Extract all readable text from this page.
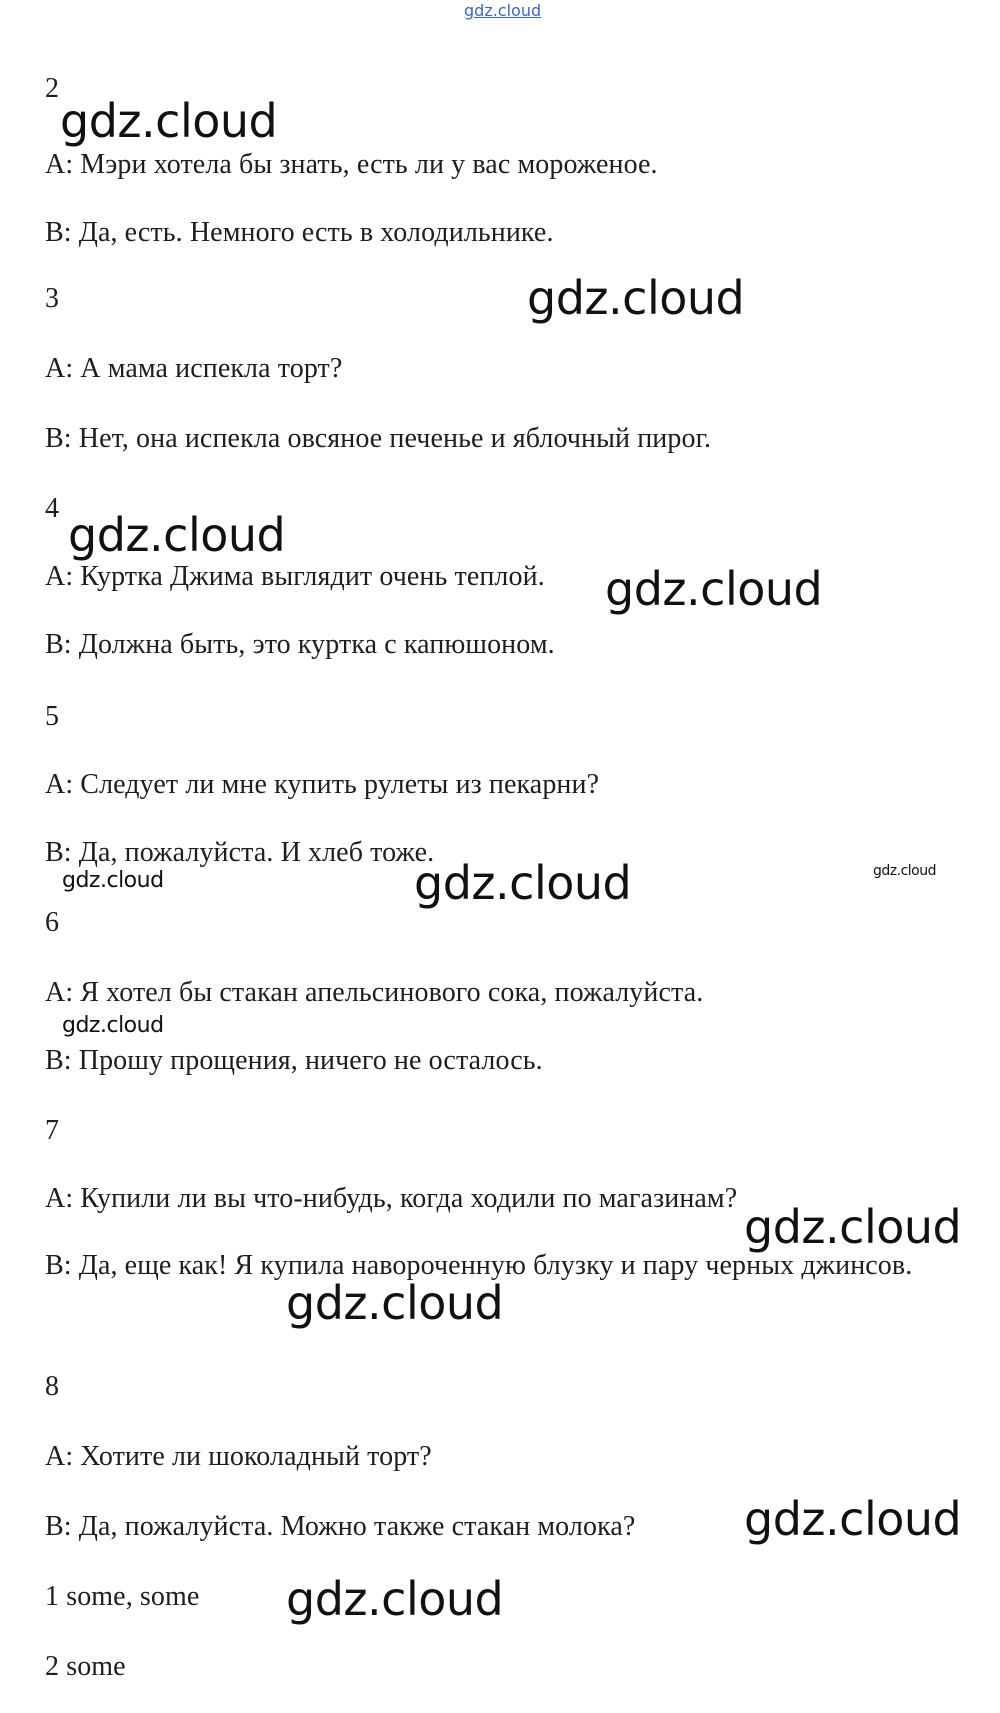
gdz.cloud
2
A: Мэри хотела бы знать, есть ли у вас мороженое.
B: Да, есть. Немного есть в холодильнике.
3
A: А мама испекла торт?
B: Нет, она испекла овсяное печенье и яблочный пирог.
4
A: Куртка Джима выглядит очень теплой.
B: Должна быть, это куртка с капюшоном.
5
A: Следует ли мне купить рулеты из пекарни?
B: Да, пожалуйста. И хлеб тоже.
6
A: Я хотел бы стакан апельсинового сока, пожалуйста.
B: Прошу прощения, ничего не осталось.
7
A: Купили ли вы что-нибудь, когда ходили по магазинам?
B: Да, еще как! Я купила навороченную блузку и пару черных джинсов.
8
A: Хотите ли шоколадный торт?
B: Да, пожалуйста. Можно также стакан молока?
1 some, some
2 some
gdz.cloud
gdz.cloud
gdz.cloud
gdz.cloud
gdz.cloud	gdz.cloud	gdz.cloud
gdz.cloud
gdz.cloud
gdz.cloud
gdz.cloud
gdz.cloud
